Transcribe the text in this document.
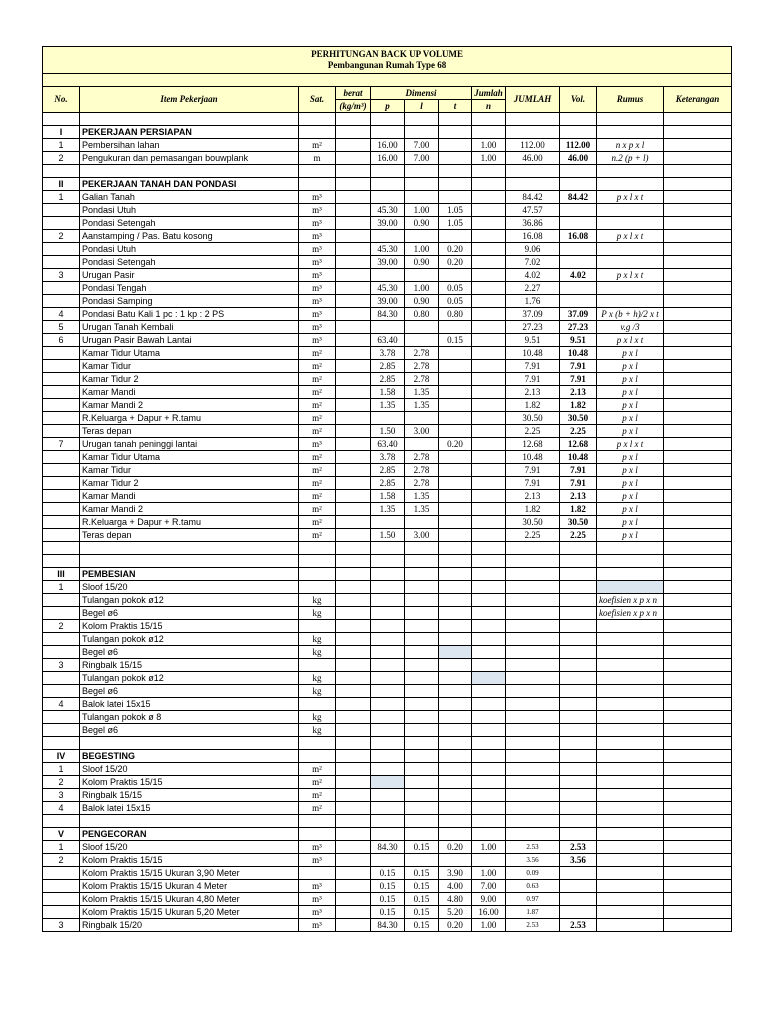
PERHITUNGAN BACK UP VOLUME
Pembangunan Rumah Type 68											

No.	Item Pekerjaan	Sat.	berat	Dimensi			Jumlah	JUMLAH	Vol.	Rumus	Keterangan
			(kg/m³)	p	l	t	n				

I	PEKERJAAN PERSIAPAN										
1	Pembersihan lahan	m²		16.00	7.00		1.00	112.00	112.00	n x p x l	
2	Pengukuran dan pemasangan bouwplank	m		16.00	7.00		1.00	46.00	46.00	n.2 (p + l)	

II	PEKERJAAN TANAH DAN PONDASI										
1	Galian Tanah	m³						84.42	84.42	p x l x t	
	Pondasi Utuh	m³		45.30	1.00	1.05		47.57			
	Pondasi Setengah	m³		39.00	0.90	1.05		36.86			
2	Aanstamping / Pas. Batu kosong	m³						16.08	16.08	p x l x t	
	Pondasi Utuh	m³		45.30	1.00	0.20		9.06			
	Pondasi Setengah	m³		39.00	0.90	0.20		7.02			
3	Urugan Pasir	m³						4.02	4.02	p x l x t	
	Pondasi Tengah	m³		45.30	1.00	0.05		2.27			
	Pondasi Samping	m³		39.00	0.90	0.05		1.76			
4	Pondasi Batu Kali 1 pc : 1 kp : 2 PS	m³		84.30	0.80	0.80		37.09	37.09	P x (b + h)/2 x t	
5	Urugan Tanah Kembali	m³						27.23	27.23	v.g /3	
6	Urugan Pasir Bawah Lantai	m³		63.40		0.15		9.51	9.51	p x l x t	
	Kamar Tidur Utama	m²		3.78	2.78			10.48	10.48	p x l	
	Kamar Tidur	m²		2.85	2.78			7.91	7.91	p x l	
	Kamar Tidur 2	m²		2.85	2.78			7.91	7.91	p x l	
	Kamar Mandi	m²		1.58	1.35			2.13	2.13	p x l	
	Kamar Mandi 2	m²		1.35	1.35			1.82	1.82	p x l	
	R.Keluarga + Dapur + R.tamu	m²						30.50	30.50	p x l	
	Teras depan	m²		1.50	3.00			2.25	2.25	p x l	
7	Urugan tanah peninggi lantai	m³		63.40		0.20		12.68	12.68	p x l x t	
	Kamar Tidur Utama	m²		3.78	2.78			10.48	10.48	p x l	
	Kamar Tidur	m²		2.85	2.78			7.91	7.91	p x l	
	Kamar Tidur 2	m²		2.85	2.78			7.91	7.91	p x l	
	Kamar Mandi	m²		1.58	1.35			2.13	2.13	p x l	
	Kamar Mandi 2	m²		1.35	1.35			1.82	1.82	p x l	
	R.Keluarga + Dapur + R.tamu	m²						30.50	30.50	p x l	
	Teras depan	m²		1.50	3.00			2.25	2.25	p x l	

III	PEMBESIAN										
1	Sloof 15/20										
	Tulangan pokok ø12	kg								koefisien x p x n	
	Begel ø6	kg								koefisien x p x n	
2	Kolom Praktis 15/15										
	Tulangan pokok ø12	kg									
	Begel ø6	kg									
3	Ringbalk 15/15										
	Tulangan pokok ø12	kg									
	Begel ø6	kg									
4	Balok latei 15x15										
	Tulangan pokok ø 8	kg									
	Begel ø6	kg									

IV	BEGESTING										
1	Sloof 15/20	m²									
2	Kolom Praktis 15/15	m²									
3	Ringbalk 15/15	m²									
4	Balok latei 15x15	m²									

V	PENGECORAN										
1	Sloof 15/20	m³		84.30	0.15	0.20	1.00	2.53	2.53		
2	Kolom Praktis 15/15	m³						3.56	3.56		
	Kolom Praktis 15/15 Ukuran 3,90 Meter			0.15	0.15	3.90	1.00	0.09			
	Kolom Praktis 15/15 Ukuran 4 Meter	m³		0.15	0.15	4.00	7.00	0.63			
	Kolom Praktis 15/15 Ukuran 4,80 Meter	m³		0.15	0.15	4.80	9.00	0.97			
	Kolom Praktis 15/15 Ukuran 5,20 Meter	m³		0.15	0.15	5.20	16.00	1.87			
3	Ringbalk 15/20	m³		84.30	0.15	0.20	1.00	2.53	2.53		
